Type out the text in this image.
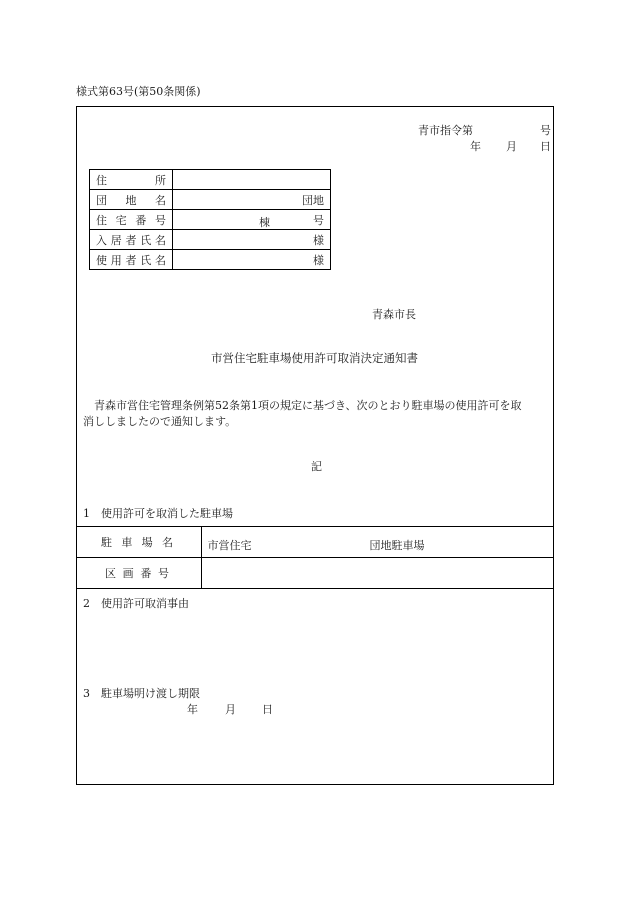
様式第63号(第50条関係)
青市指令第	号
年 月 日
住 所	

団 地 名	団地

住 宅 番 号	棟 号

入 居 者 氏 名	様

使 用 者 氏 名	様
青森市長
市営住宅駐車場使用許可取消決定通知書
青森市営住宅管理条例第52条第1項の規定に基づき、次のとおり駐車場の使用許可を取
消ししましたので通知します。
記
1　使用許可を取消した駐車場
駐 車 場 名	市営住宅 団地駐車場

区 画 番 号	

2　使用許可取消事由
3　駐車場明け渡し期限
年 月 日
